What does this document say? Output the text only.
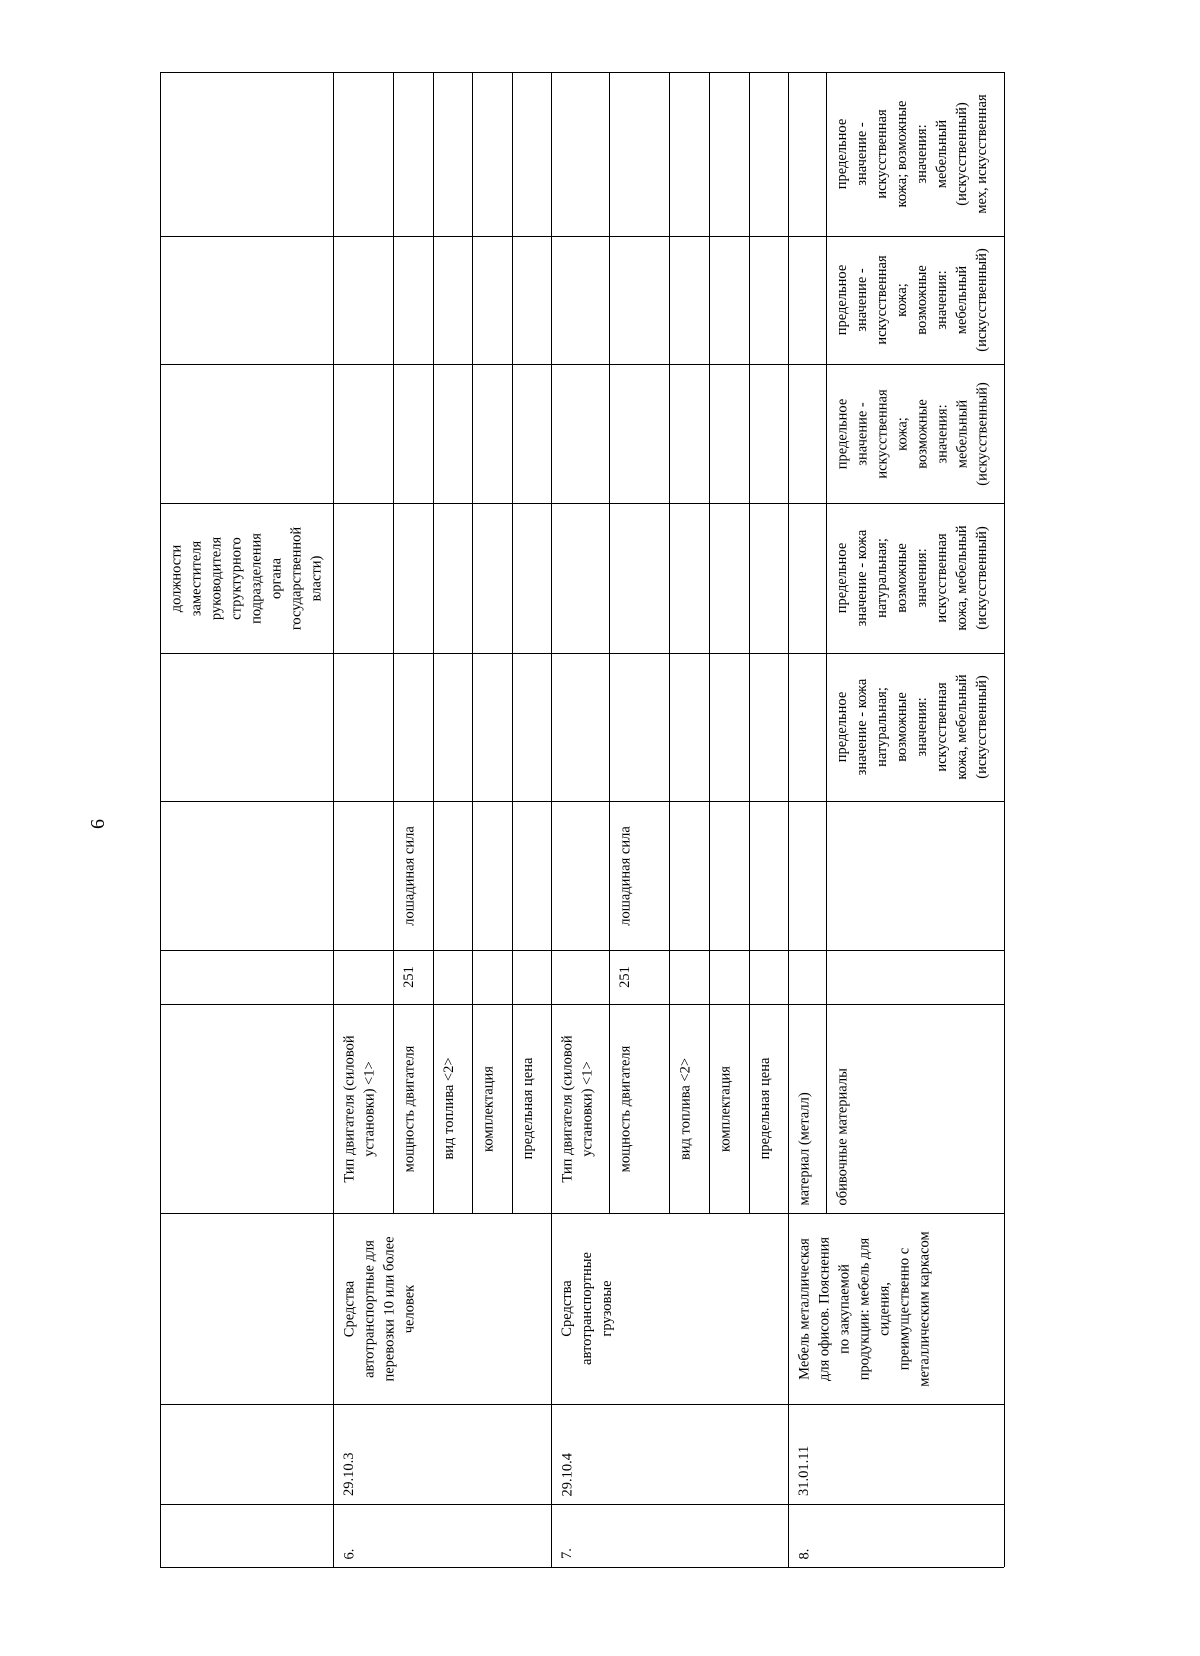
6
должности заместителя руководителя структурного подразделения органа государственной власти)
6.
29.10.3
Средства автотранспортные для перевозки 10 или более человек
7.
29.10.4
Средства автотранспортные грузовые
8.
31.01.11
Мебель металлическая для офисов. Пояснения по закупаемой продукции: мебель для сидения, преимущественно с металлическим каркасом
Тип двигателя (силовой установки) <1> мощность двигателя
251
лошадиная сила
вид топлива <2> комплектация предельная цена Тип двигателя (силовой установки) <1> мощность двигателя
251
лошадиная сила
вид топлива <2> комплектация предельная цена материал (металл) обивочные материалы
предельное значение - кожа натуральная; возможные значения: искусственная кожа, мебельный (искусственный)
предельное значение - кожа натуральная; возможные значения: искусственная кожа, мебельный (искусственный)
предельное значение - искусственная кожа; возможные значения: мебельный (искусственный)
предельное значение - искусственная кожа; возможные значения: мебельный (искусственный)
предельное значение - искусственная кожа; возможные значения: мебельный (искусственный) мех, искусственная
